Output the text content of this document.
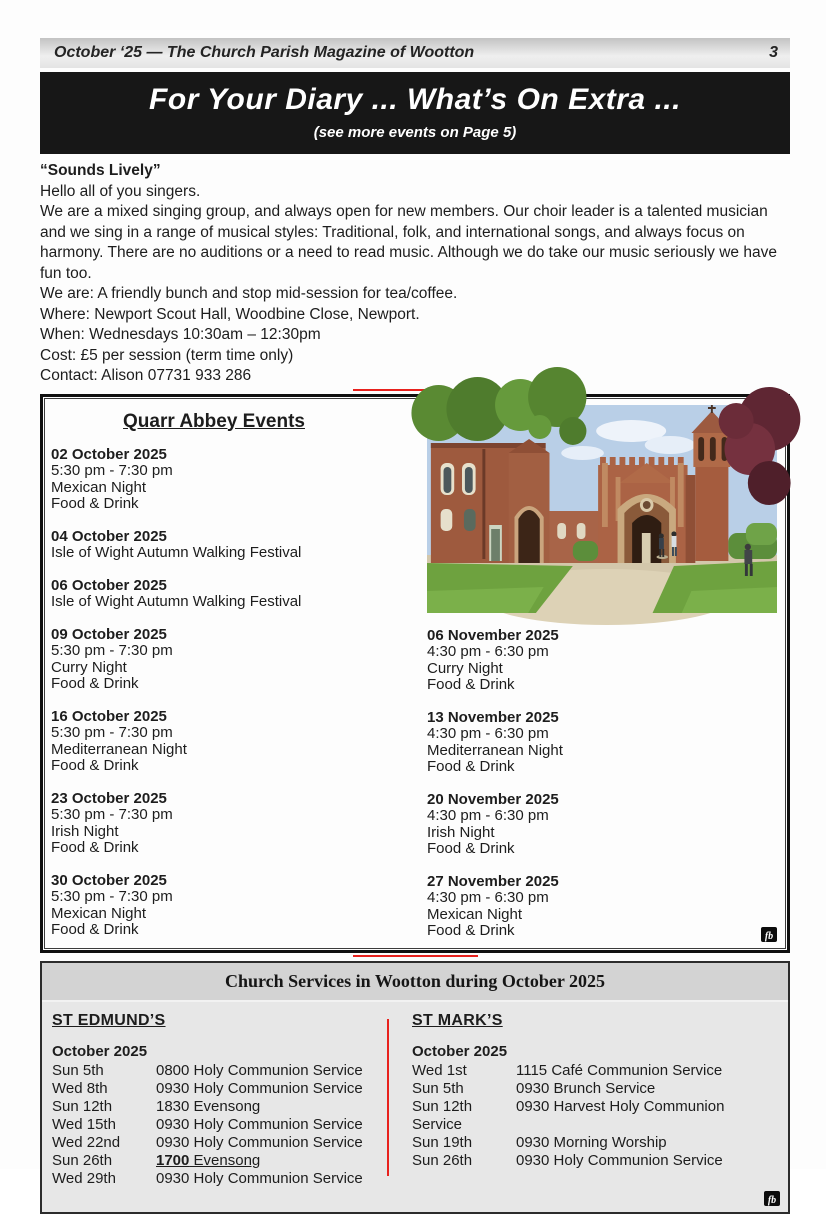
October ‘25 — The Church Parish Magazine of Wootton	3
For Your Diary ... What’s On Extra ...
(see more events on Page 5)
“Sounds Lively”
Hello all of you singers.
We are a mixed singing group, and always open for new members. Our choir leader is a talented musician and we sing in a range of musical styles: Traditional, folk, and international songs, and always focus on harmony. There are no auditions or a need to read music. Although we do take our music seriously we have fun too.
We are: A friendly bunch and stop mid-session for tea/coffee.
Where: Newport Scout Hall, Woodbine Close, Newport.
When: Wednesdays 10:30am – 12:30pm
Cost: £5 per session (term time only)
Contact: Alison 07731 933 286
Quarr Abbey Events
02 October 2025
5:30 pm - 7:30 pm
Mexican Night
Food & Drink
04 October 2025
Isle of Wight Autumn Walking Festival
06 October 2025
Isle of Wight Autumn Walking Festival
09 October 2025
5:30 pm - 7:30 pm
Curry Night
Food & Drink
16 October 2025
5:30 pm - 7:30 pm
Mediterranean Night
Food & Drink
23 October 2025
5:30 pm - 7:30 pm
Irish Night
Food & Drink
30 October 2025
5:30 pm - 7:30 pm
Mexican Night
Food & Drink
06 November 2025
4:30 pm - 6:30 pm
Curry Night
Food & Drink
13 November 2025
4:30 pm - 6:30 pm
Mediterranean Night
Food & Drink
20 November 2025
4:30 pm - 6:30 pm
Irish Night
Food & Drink
27 November 2025
4:30 pm - 6:30 pm
Mexican Night
Food & Drink	fb
Church Services in Wootton during October 2025
ST EDMUND’S
October 2025
Sun 5th	0800 Holy Communion Service
Wed 8th	0930 Holy Communion Service
Sun 12th	1830 Evensong
Wed 15th	0930 Holy Communion Service
Wed 22nd 0930 Holy Communion Service
Sun 26th	1700 Evensong
Wed 29th	0930 Holy Communion Service
ST MARK’S
October 2025
Wed 1st	1115 Café Communion Service
Sun 5th	0930 Brunch Service
Sun 12th	0930 Harvest Holy Communion Service
Sun 19th	0930 Morning Worship
Sun 26th	0930 Holy Communion Service
fb
